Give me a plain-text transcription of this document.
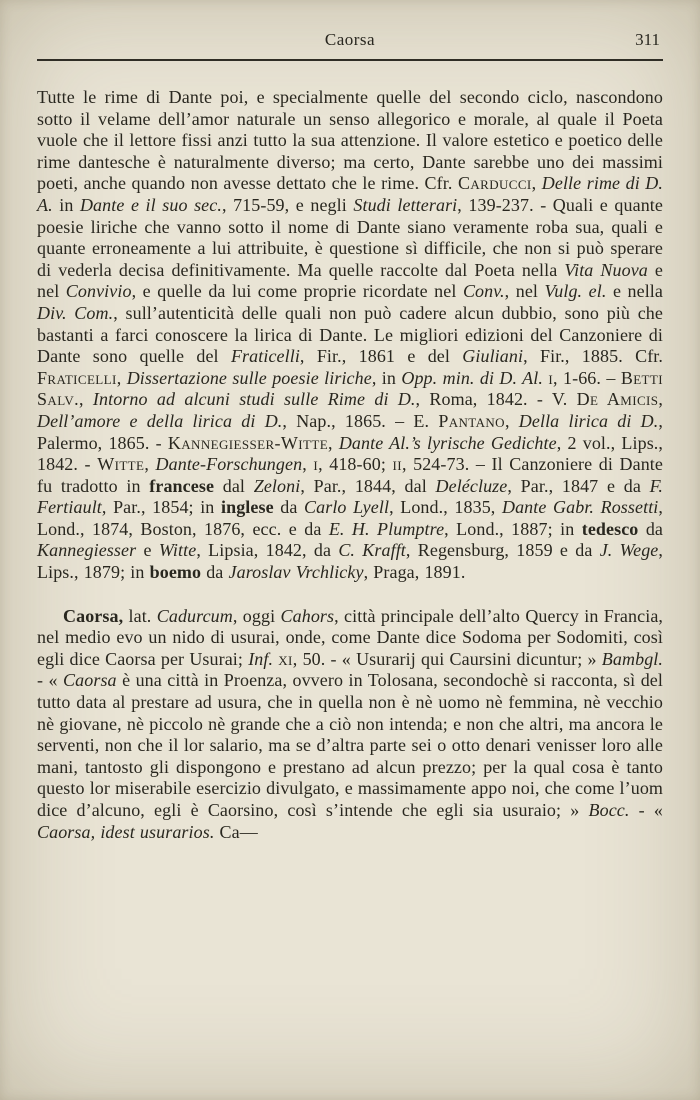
Caorsa	311

Tutte le rime di Dante poi, e specialmente quelle del secondo ciclo, nascondono sotto il velame dell’amor naturale un senso allegorico e morale, al quale il Poeta vuole che il lettore fissi anzi tutto la sua attenzione. Il valore estetico e poetico delle rime dantesche è naturalmente diverso; ma certo, Dante sarebbe uno dei massimi poeti, anche quando non avesse dettato che le rime. Cfr. Carducci, Delle rime di D. A. in Dante e il suo sec., 715-59, e negli Studi letterari, 139-237. - Quali e quante poesie liriche che vanno sotto il nome di Dante siano veramente roba sua, quali e quante erroneamente a lui attribuite, è questione sì difficile, che non si può sperare di vederla decisa definitivamente. Ma quelle raccolte dal Poeta nella Vita Nuova e nel Convivio, e quelle da lui come proprie ricordate nel Conv., nel Vulg. el. e nella Div. Com., sull’autenticità delle quali non può cadere alcun dubbio, sono più che bastanti a farci conoscere la lirica di Dante. Le migliori edizioni del Canzoniere di Dante sono quelle del Fraticelli, Fir., 1861 e del Giuliani, Fir., 1885. Cfr. Fraticelli, Dissertazione sulle poesie liriche, in Opp. min. di D. Al. i, 1-66. – Betti Salv., Intorno ad alcuni studi sulle Rime di D., Roma, 1842. - V. De Amicis, Dell’amore e della lirica di D., Nap., 1865. – E. Pantano, Della lirica di D., Palermo, 1865. - Kannegiesser-Witte, Dante Al.’s lyrische Gedichte, 2 vol., Lips., 1842. - Witte, Dante-Forschungen, i, 418-60; ii, 524-73. – Il Canzoniere di Dante fu tradotto in francese dal Zeloni, Par., 1844, dal Delécluze, Par., 1847 e da F. Fertiault, Par., 1854; in inglese da Carlo Lyell, Lond., 1835, Dante Gabr. Rossetti, Lond., 1874, Boston, 1876, ecc. e da E. H. Plumptre, Lond., 1887; in tedesco da Kannegiesser e Witte, Lipsia, 1842, da C. Krafft, Regensburg, 1859 e da J. Wege, Lips., 1879; in boemo da Jaroslav Vrchlicky, Praga, 1891.

Caorsa, lat. Cadurcum, oggi Cahors, città principale dell’alto Quercy in Francia, nel medio evo un nido di usurai, onde, come Dante dice Sodoma per Sodomiti, così egli dice Caorsa per Usurai; Inf. xi, 50. - « Usurarij qui Caursini dicuntur; » Bambgl. - « Caorsa è una città in Proenza, ovvero in Tolosana, secondochè si racconta, sì del tutto data al prestare ad usura, che in quella non è nè uomo nè femmina, nè vecchio nè giovane, nè piccolo nè grande che a ciò non intenda; e non che altri, ma ancora le serventi, non che il lor salario, ma se d’altra parte sei o otto denari venisser loro alle mani, tantosto gli dispongono e prestano ad alcun prezzo; per la qual cosa è tanto questo lor miserabile esercizio divulgato, e massimamente appo noi, che come l’uom dice d’alcuno, egli è Caorsino, così s’intende che egli sia usuraio; » Bocc. - « Caorsa, idest usurarios. Ca—
